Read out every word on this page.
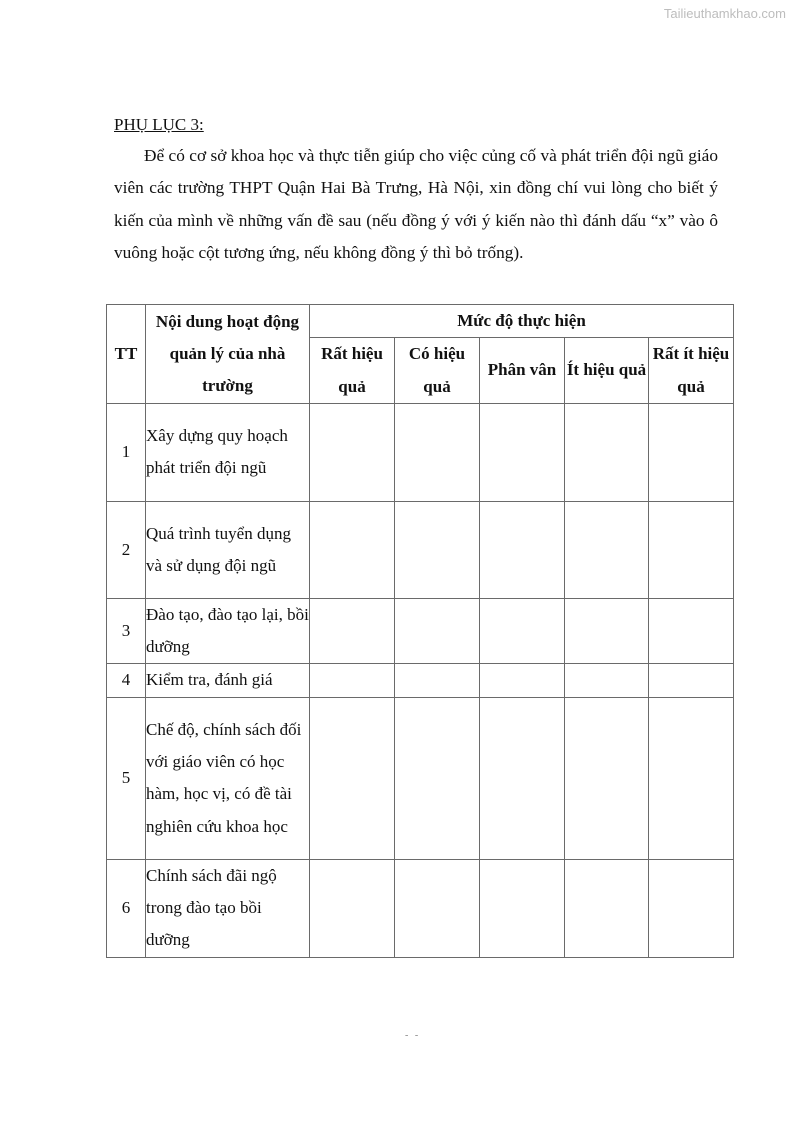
Tailieuthamkhao.com
PHỤ LỤC 3:

Để có cơ sở khoa học và thực tiễn giúp cho việc củng cố và phát triển đội ngũ giáo viên các trường THPT Quận Hai Bà Trưng, Hà Nội, xin đồng chí vui lòng cho biết ý kiến của mình về những vấn đề sau (nếu đồng ý với ý kiến nào thì đánh dấu “x” vào ô vuông hoặc cột tương ứng, nếu không đồng ý thì bỏ trống).

TT	Nội dung hoạt động quản lý của nhà trường	Mức độ thực hiện				
		Rất hiệu quả	Có hiệu quả	Phân vân	Ít hiệu quả	Rất ít hiệu quả
1	Xây dựng quy hoạch phát triển đội ngũ					
2	Quá trình tuyển dụng và sử dụng đội ngũ					
3	Đào tạo, đào tạo lại, bồi dưỡng					
4	Kiểm tra, đánh giá					
5	Chế độ, chính sách đối với giáo viên có học hàm, học vị, có đề tài nghiên cứu khoa học					
6	Chính sách đãi ngộ trong đào tạo bồi dưỡng					
- -
